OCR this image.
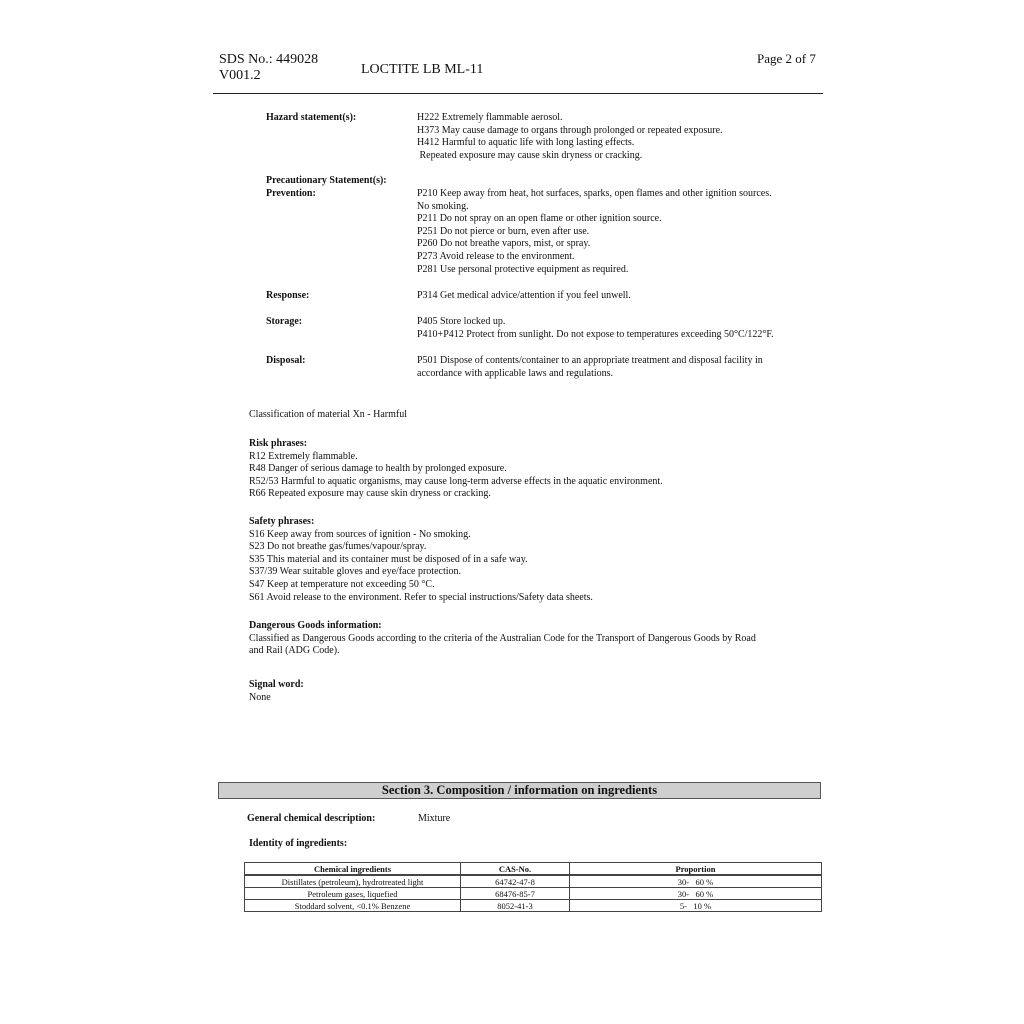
SDS No.: 449028
V001.2	LOCTITE LB ML-11
Page 2 of 7
Hazard statement(s):	H222 Extremely flammable aerosol.
H373 May cause damage to organs through prolonged or repeated exposure.
H412 Harmful to aquatic life with long lasting effects.
Repeated exposure may cause skin dryness or cracking.
Precautionary Statement(s):
Prevention:	P210 Keep away from heat, hot surfaces, sparks, open flames and other ignition sources.
No smoking.
P211 Do not spray on an open flame or other ignition source.
P251 Do not pierce or burn, even after use.
P260 Do not breathe vapors, mist, or spray.
P273 Avoid release to the environment.
P281 Use personal protective equipment as required.
Response:	P314 Get medical advice/attention if you feel unwell.
Storage:	P405 Store locked up.
P410+P412 Protect from sunlight. Do not expose to temperatures exceeding 50°C/122°F.
Disposal:	P501 Dispose of contents/container to an appropriate treatment and disposal facility in
accordance with applicable laws and regulations.
Classification of material Xn - Harmful
Risk phrases:
R12 Extremely flammable.
R48 Danger of serious damage to health by prolonged exposure.
R52/53 Harmful to aquatic organisms, may cause long-term adverse effects in the aquatic environment.
R66 Repeated exposure may cause skin dryness or cracking.
Safety phrases:
S16 Keep away from sources of ignition - No smoking.
S23 Do not breathe gas/fumes/vapour/spray.
S35 This material and its container must be disposed of in a safe way.
S37/39 Wear suitable gloves and eye/face protection.
S47 Keep at temperature not exceeding 50 °C.
S61 Avoid release to the environment. Refer to special instructions/Safety data sheets.
Dangerous Goods information:
Classified as Dangerous Goods according to the criteria of the Australian Code for the Transport of Dangerous Goods by Road
and Rail (ADG Code).
Signal word:
None
Section 3. Composition / information on ingredients
General chemical description:	Mixture
Identity of ingredients:
Chemical ingredients	CAS-No.	Proportion
Distillates (petroleum), hydrotreated light	64742-47-8	30-   60 %
Petroleum gases, liquefied	68476-85-7	30-   60 %
Stoddard solvent, <0.1% Benzene	8052-41-3	5-   10 %
